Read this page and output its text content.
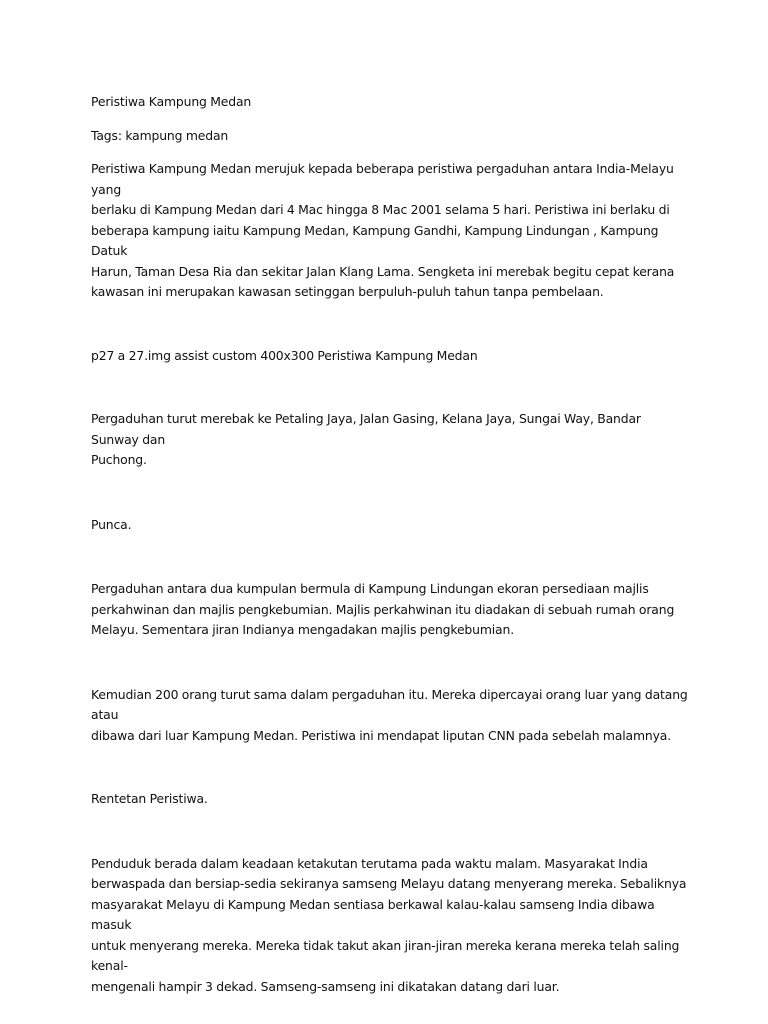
Peristiwa Kampung Medan

Tags: kampung medan

Peristiwa Kampung Medan merujuk kepada beberapa peristiwa pergaduhan antara India-Melayu yang
berlaku di Kampung Medan dari 4 Mac hingga 8 Mac 2001 selama 5 hari. Peristiwa ini berlaku di
beberapa kampung iaitu Kampung Medan, Kampung Gandhi, Kampung Lindungan , Kampung Datuk
Harun, Taman Desa Ria dan sekitar Jalan Klang Lama. Sengketa ini merebak begitu cepat kerana
kawasan ini merupakan kawasan setinggan berpuluh-puluh tahun tanpa pembelaan.

p27 a 27.img assist custom 400x300 Peristiwa Kampung Medan

Pergaduhan turut merebak ke Petaling Jaya, Jalan Gasing, Kelana Jaya, Sungai Way, Bandar Sunway dan
Puchong.

Punca.

Pergaduhan antara dua kumpulan bermula di Kampung Lindungan ekoran persediaan majlis
perkahwinan dan majlis pengkebumian. Majlis perkahwinan itu diadakan di sebuah rumah orang
Melayu. Sementara jiran Indianya mengadakan majlis pengkebumian.

Kemudian 200 orang turut sama dalam pergaduhan itu. Mereka dipercayai orang luar yang datang atau
dibawa dari luar Kampung Medan. Peristiwa ini mendapat liputan CNN pada sebelah malamnya.

Rentetan Peristiwa.

Penduduk berada dalam keadaan ketakutan terutama pada waktu malam. Masyarakat India
berwaspada dan bersiap-sedia sekiranya samseng Melayu datang menyerang mereka. Sebaliknya
masyarakat Melayu di Kampung Medan sentiasa berkawal kalau-kalau samseng India dibawa masuk
untuk menyerang mereka. Mereka tidak takut akan jiran-jiran mereka kerana mereka telah saling kenal-
mengenali hampir 3 dekad. Samseng-samseng ini dikatakan datang dari luar.
